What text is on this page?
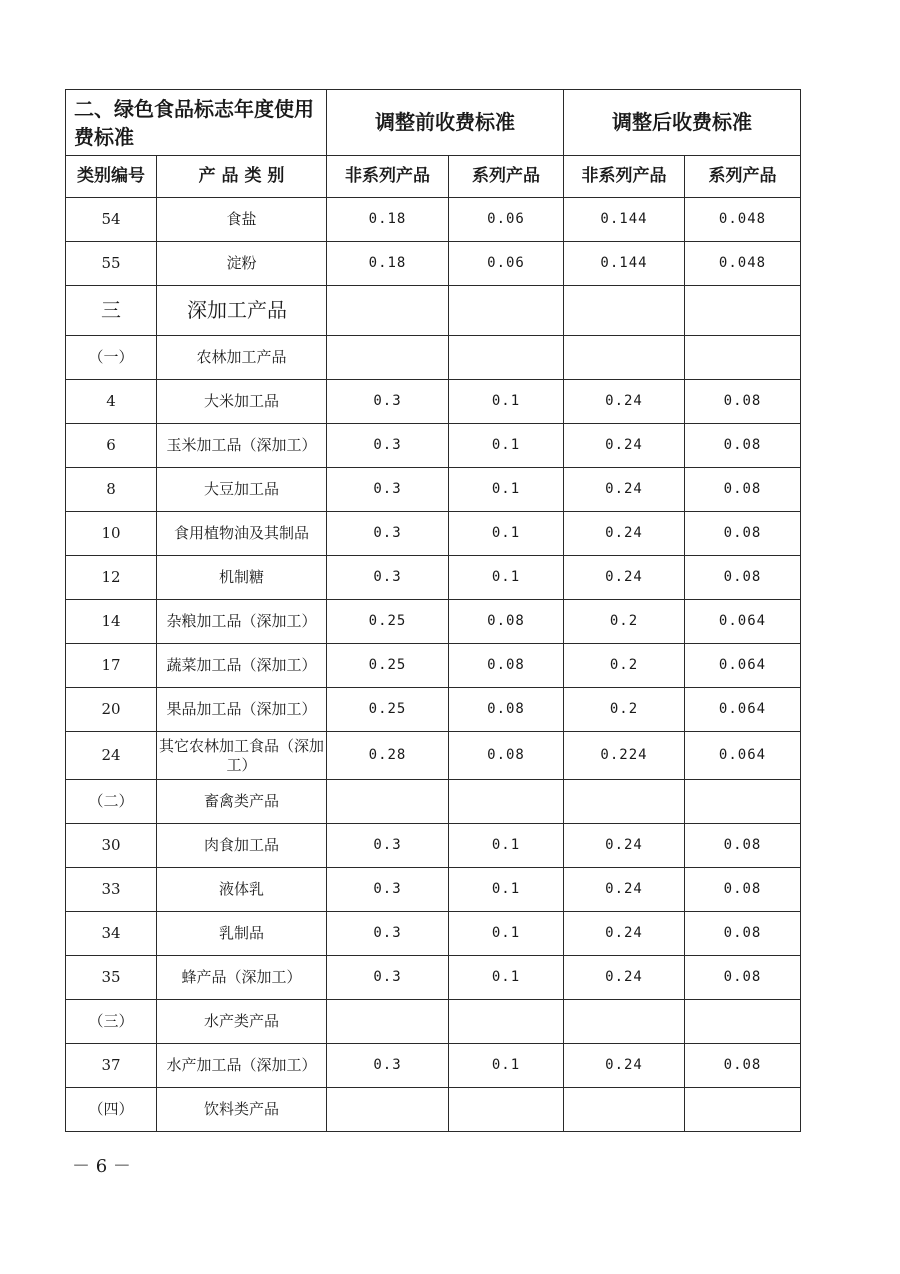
二、绿色食品标志年度使用费标准		调整前收费标准		调整后收费标准	
类别编号	产 品 类 别	非系列产品	系列产品	非系列产品	系列产品
54	食盐	0.18	0.06	0.144	0.048
55	淀粉	0.18	0.06	0.144	0.048
三	深加工产品				
（一）	农林加工产品				
4	大米加工品	0.3	0.1	0.24	0.08
6	玉米加工品（深加工）	0.3	0.1	0.24	0.08
8	大豆加工品	0.3	0.1	0.24	0.08
10	食用植物油及其制品	0.3	0.1	0.24	0.08
12	机制糖	0.3	0.1	0.24	0.08
14	杂粮加工品（深加工）	0.25	0.08	0.2	0.064
17	蔬菜加工品（深加工）	0.25	0.08	0.2	0.064
20	果品加工品（深加工）	0.25	0.08	0.2	0.064
24	其它农林加工食品（深加工）	0.28	0.08	0.224	0.064
（二）	畜禽类产品				
30	肉食加工品	0.3	0.1	0.24	0.08
33	液体乳	0.3	0.1	0.24	0.08
34	乳制品	0.3	0.1	0.24	0.08
35	蜂产品（深加工）	0.3	0.1	0.24	0.08
（三）	水产类产品				
37	水产加工品（深加工）	0.3	0.1	0.24	0.08
（四）	饮料类产品				
－ 6 －
